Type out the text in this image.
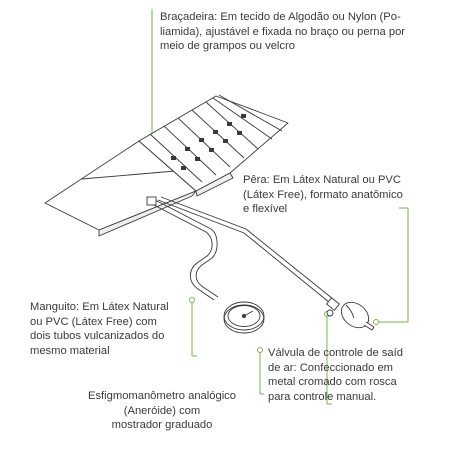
Braçadeira: Em tecido de Algodão ou Nylon (Po-
liamida), ajustável e fixada no braço ou perna por
meio de grampos ou velcro
Pêra: Em Látex Natural ou PVC
(Látex Free), formato anatômico
e flexível
Manguito: Em Látex Natural
ou PVC (Látex Free) com
dois tubos vulcanizados do
mesmo material	Válvula de controle de saíd
de ar: Confeccionado em
metal cromado com rosca
para controle manual.
Esfigmomanômetro analógico
(Aneróide) com
mostrador graduado
